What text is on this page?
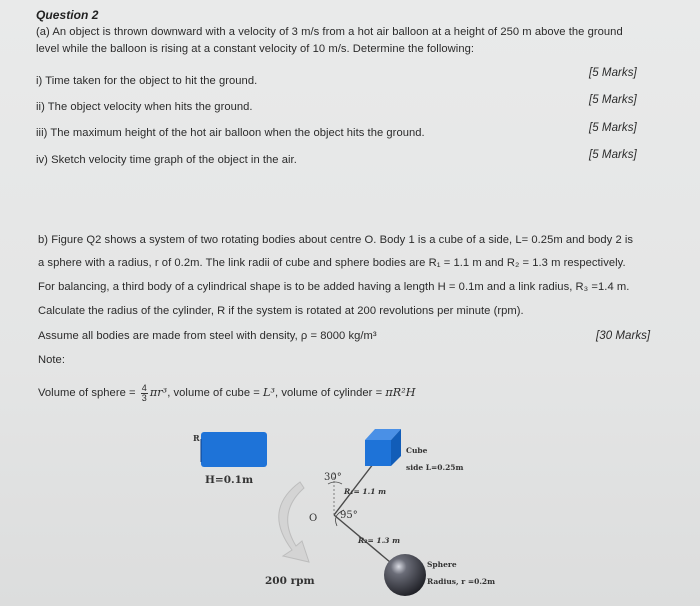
Question 2
(a) An object is thrown downward with a velocity of 3 m/s from a hot air balloon at a height of 250 m above the ground
level while the balloon is rising at a constant velocity of 10 m/s. Determine the following:
i) Time taken for the object to hit the ground.
[5 Marks]
ii) The object velocity when hits the ground.
[5 Marks]
iii) The maximum height of the hot air balloon when the object hits the ground.	[5 Marks]
iv) Sketch velocity time graph of the object in the air.	[5 Marks]
b) Figure Q2 shows a system of two rotating bodies about centre O. Body 1 is a cube of a side, L= 0.25m and body 2 is
a sphere with a radius, r of 0.2m. The link radii of cube and sphere bodies are R₁ = 1.1 m and R₂ = 1.3 m respectively.
For balancing, a third body of a cylindrical shape is to be added having a length H = 0.1m and a link radius, R₃ =1.4 m.
Calculate the radius of the cylinder, R if the system is rotated at 200 revolutions per minute (rpm).
Assume all bodies are made from steel with density, ρ = 8000 kg/m³	[30 Marks]
Note:
Volume of sphere = $\frac{4}{3} \pi r^3$, volume of cube = L³, volume of cylinder = πR²H
R
H=0.1m	30°
R₁= 1.1 m
Cube
side L=0.25m
O 95°
R₂= 1.3 m
Sphere
Radius, r =0.2m
200 rpm
